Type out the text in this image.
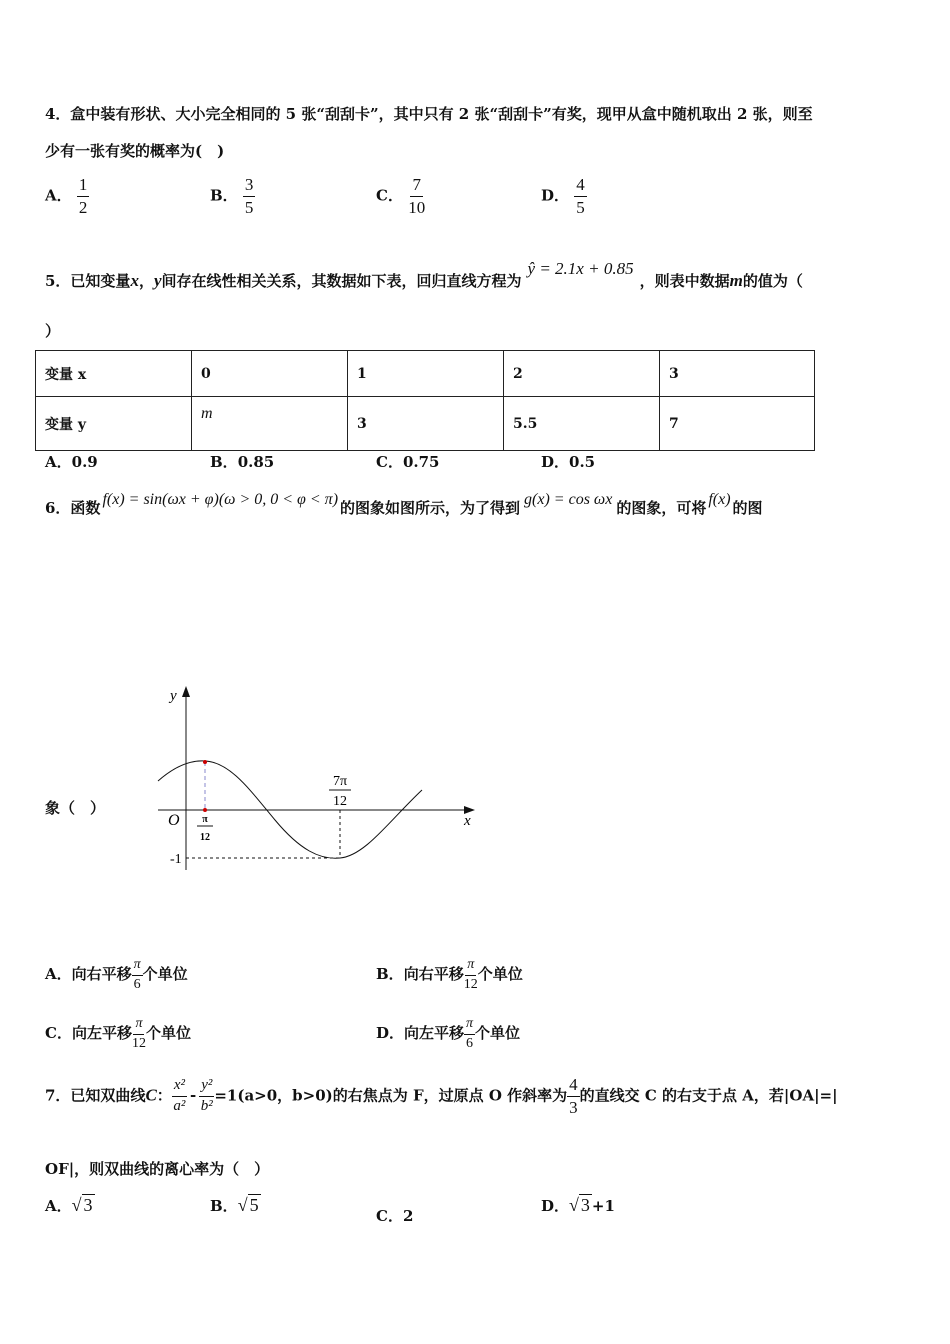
4．盒中装有形状、大小完全相同的 5 张“刮刮卡”，其中只有 2 张“刮刮卡”有奖，现甲从盒中随机取出 2 张，则至
少有一张有奖的概率为(　)
A． $\frac{1}{2}$	B． $\frac{3}{5}$	C． $\frac{7}{10}$	D． $\frac{4}{5}$
5．已知变量x，y间存在线性相关关系，其数据如下表，回归直线方程为ŷ = 2.1x + 0.85，则表中数据m的值为（
）
变量 x	0	1	2	3
变量 y	m	3	5.5	7
A．0.9	B．0.85	C．0.75	D．0.5
6．函数 f(x) = sin(ωx + φ)(ω > 0, 0 < φ < π) 的图象如图所示，为了得到 g(x) = cos ωx 的图象，可将 f(x) 的图
象（　）
y
x
O π
12
7π
12
-1
A．向右平移 $\frac{\pi}{6}$ 个单位	B．向右平移 $\frac{\pi}{12}$ 个单位
C．向左平移 $\frac{\pi}{12}$ 个单位	D．向左平移 $\frac{\pi}{6}$ 个单位
7．已知双曲线C： $\frac{\text{x²}}{\text{a²}} - \frac{\text{y²}}{\text{b²}} =1(a>0$，b>0)的右焦点为 F，过原点 O 作斜率为 $\frac{4}{3}$ 的直线交 C 的右支于点 A，若|OA|=|
OF|，则双曲线的离心率为（　）
A．√ 3	B．√ 5
C．2
D．√ 3 +1
